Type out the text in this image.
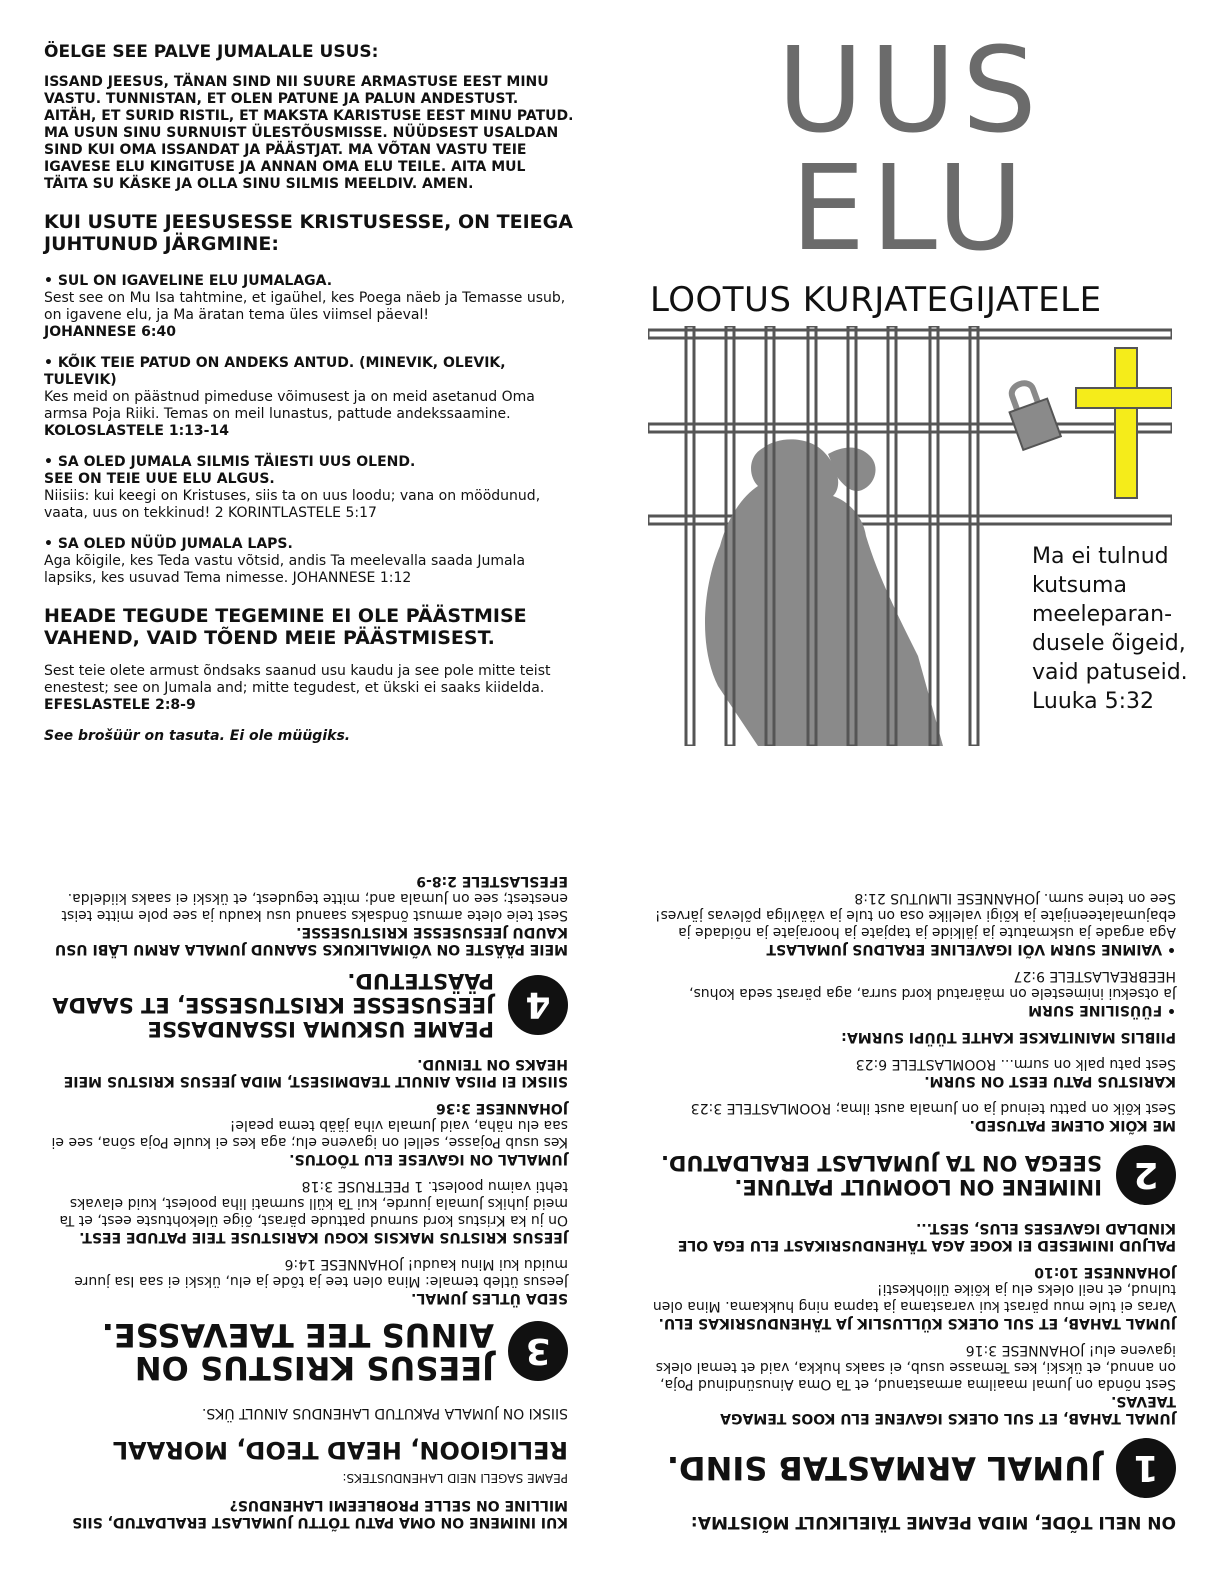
ÖELGE SEE PALVE JUMALALE USUS:

ISSAND JEESUS, TÄNAN SIND NII SUURE ARMASTUSE EEST MINU VASTU. TUNNISTAN, ET OLEN PATUNE JA PALUN ANDESTUST. AITÄH, ET SURID RISTIL, ET MAKSTA KARISTUSE EEST MINU PATUD. MA USUN SINU SURNUIST ÜLESTÕUSMISSE. NÜÜDSEST USALDAN SIND KUI OMA ISSANDAT JA PÄÄSTJAT. MA VÕTAN VASTU TEIE IGAVESE ELU KINGITUSE JA ANNAN OMA ELU TEILE. AITA MUL TÄITA SU KÄSKE JA OLLA SINU SILMIS MEELDIV. AMEN.

KUI USUTE JEESUSESSE KRISTUSESSE, ON TEIEGA JUHTUNUD JÄRGMINE:

• SUL ON IGAVELINE ELU JUMALAGA.

Sest see on Mu Isa tahtmine, et igaühel, kes Poega näeb ja Temasse usub, on igavene elu, ja Ma äratan tema üles viimsel päeval!

JOHANNESE 6:40

• KÕIK TEIE PATUD ON ANDEKS ANTUD. (MINEVIK, OLEVIK, TULEVIK)

Kes meid on päästnud pimeduse võimusest ja on meid asetanud Oma armsa Poja Riiki. Temas on meil lunastus, pattude andekssaamine.

KOLOSLASTELE 1:13-14

• SA OLED JUMALA SILMIS TÄIESTI UUS OLEND.

SEE ON TEIE UUE ELU ALGUS.

Niisiis: kui keegi on Kristuses, siis ta on uus loodu; vana on möödunud, vaata, uus on tekkinud! 2 KORINTLASTELE 5:17

• SA OLED NÜÜD JUMALA LAPS.

Aga kõigile, kes Teda vastu võtsid, andis Ta meelevalla saada Jumala lapsiks, kes usuvad Tema nimesse. JOHANNESE 1:12

HEADE TEGUDE TEGEMINE EI OLE PÄÄSTMISE VAHEND, VAID TÕEND MEIE PÄÄSTMISEST.

Sest teie olete armust õndsaks saanud usu kaudu ja see pole mitte teist enestest; see on Jumala and; mitte tegudest, et ükski ei saaks kiidelda.

EFESLASTELE 2:8-9

See brošüür on tasuta. Ei ole müügiks.

UUS
ELU
LOOTUS KURJATEGIJATELE
Ma ei tulnud kutsuma meeleparan-dusele õigeid, vaid patuseid. Luuka 5:32

KUI INIMENE ON OMA PATU TÕTTU JUMALAST ERALDATUD, SIIS MILLINE ON SELLE PROBLEEMI LAHENDUS?

PEAME SAGELI NEID LAHENDUSTEKS:

RELIGIOON, HEAD TEOD, MORAAL

SIISKI ON JUMALA PAKUTUD LAHENDUS AINULT ÜKS.

3
JEESUS KRISTUS ON AINUS TEE TAEVASSE.

SEDA ÜTLES JUMAL.

Jeesus ütleb temale: Mina olen tee ja tõde ja elu, ükski ei saa Isa juure muidu kui Minu kaudu! JOHANNESE 14:6

JEESUS KRISTUS MAKSIS KOGU KARISTUSE TEIE PATUDE EEST.

On ju ka Kristus kord surnud pattude pärast, õige ülekohtuste eest, et Ta meid juhiks Jumala juurde, kui Ta küll surmati liha poolest, kuid elavaks tehti vaimu poolest. 1 PEETRUSE 3:18

JUMALAL ON IGAVESE ELU TÕOTUS.

Kes usub Pojasse, sellel on igavene elu; aga kes ei kuule Poja sõna, see ei saa elu näha, vaid Jumala viha jääb tema peale!

JOHANNESE 3:36

SIISKI EI PIISA AINULT TEADMISEST, MIDA JEESUS KRISTUS MEIE HEAKS ON TEINUD.

4
PEAME USKUMA ISSANDASSE JEESUSESSE KRISTUSESSE, ET SAADA PÄÄSTETUD.

MEIE PÄÄSTE ON VÕIMALIKUKS SAANUD JUMALA ARMU LÄBI USU KAUDU JEESUSESSE KRISTUSESSE.

Sest teie olete armust õndsaks saanud usu kaudu ja see pole mitte teist enestest; see on Jumala and; mitte tegudest, et ükski ei saaks kiidelda.

EFESLASTELE 2:8-9

ON NELI TÕDE, MIDA PEAME TÄIELIKULT MÕISTMA:

1
JUMAL ARMASTAB SIND.

JUMAL TAHAB, ET SUL OLEKS IGAVENE ELU KOOS TEMAGA TAEVAS.

Sest nõnda on Jumal maailma armastanud, et Ta Oma Ainusündinud Poja, on annud, et ükski, kes Temasse usub, ei saaks hukka, vaid et temal oleks igavene elu! JOHANNESE 3:16

JUMAL TAHAB, ET SUL OLEKS KÜLLUSLIK JA TÄHENDUSRIKAS ELU.

Varas ei tule muu pärast kui varastama ja tapma ning hukkama. Mina olen tulnud, et neil oleks elu ja kõike üliohkesti!

JOHANNESE 10:10

PALJUD INIMESED EI KOGE AGA TÄHENDUSRIKAST ELU EGA OLE KINDLAD IGAVESES ELUS, SEST...

2
INIMENE ON LOOMULT PATUNE. SEEGA ON TA JUMALAST ERALDATUD.

ME KÕIK OLEME PATUSED.

Sest kõik on pattu teinud ja on Jumala aust ilma; ROOMLASTELE 3:23

KARISTUS PATU EEST ON SURM.

Sest patu palk on surm... ROOMLASTELE 6:23

PIIBLIS MAINITAKSE KAHTE TÜÜPI SURMA:

• FÜÜSILINE SURM

Ja otsekui inimestele on määratud kord surra, aga pärast seda kohus, HEEBREALASTELE 9:27

• VAIMNE SURM VÕI IGAVELINE ERALDUS JUMALAST

Aga argade ja uskmatute ja jälkide ja tapjate ja hoorajate ja nõidade ja ebajumalateenijate ja kõigi valelike osa on tule ja väävliga põlevas järves! See on teine surm. JOHANNESE ILMUTUS 21:8
